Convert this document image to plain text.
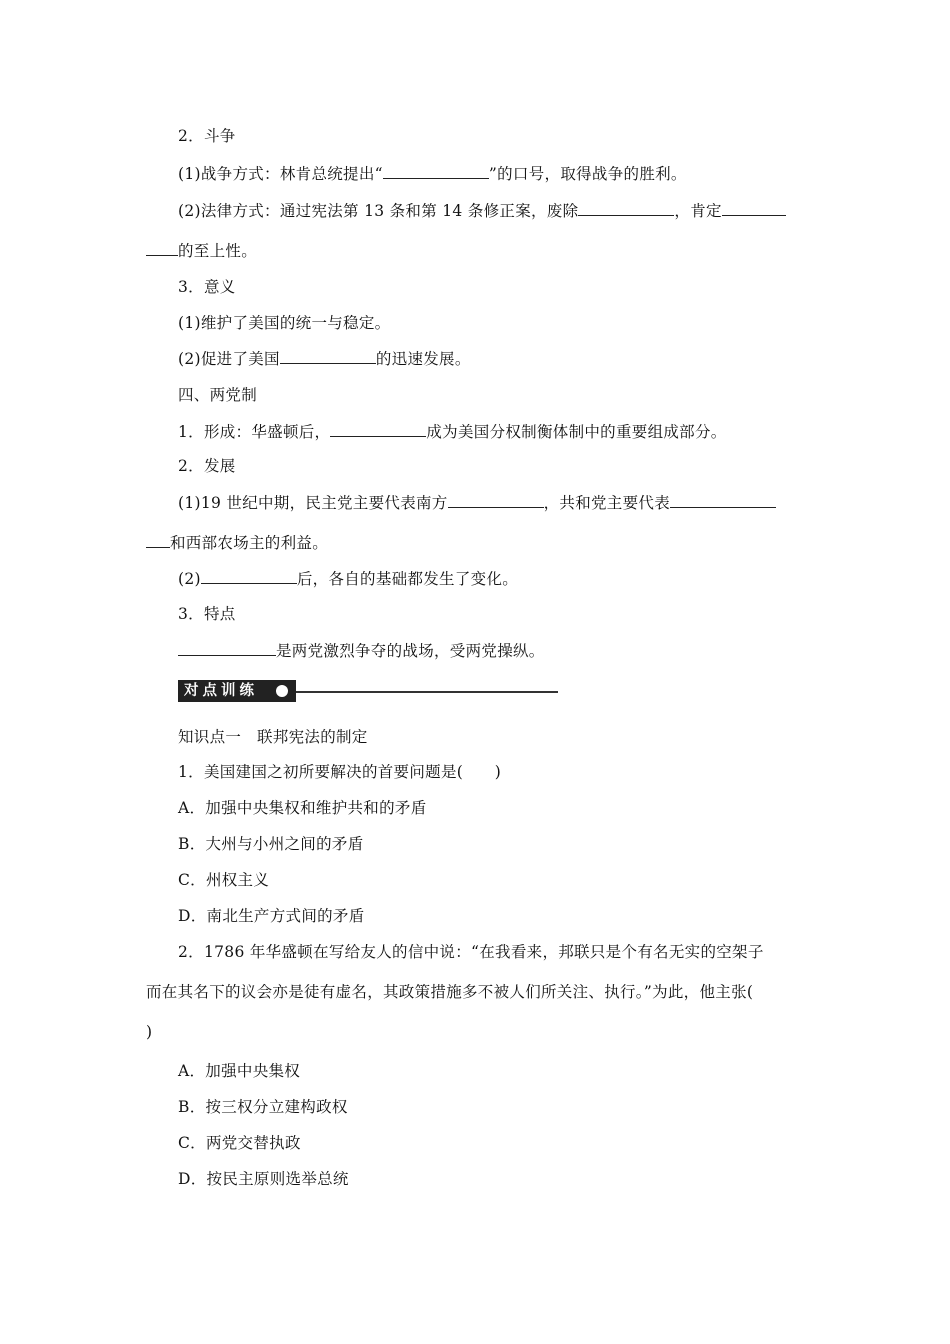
2．斗争
(1)战争方式：林肯总统提出“	”的口号，取得战争的胜利。
(2)法律方式：通过宪法第 13 条和第 14 条修正案，废除	，肯定
的至上性。
3．意义
(1)维护了美国的统一与稳定。
(2)促进了美国	的迅速发展。
四、两党制
1．形成：华盛顿后，	成为美国分权制衡体制中的重要组成部分。
2．发展
(1)19 世纪中期，民主党主要代表南方	，共和党主要代表
和西部农场主的利益。
(2)	后，各自的基础都发生了变化。
3．特点
是两党激烈争夺的战场，受两党操纵。
对点训练
知识点一　联邦宪法的制定
1．美国建国之初所要解决的首要问题是(　　)
A．加强中央集权和维护共和的矛盾
B．大州与小州之间的矛盾
C．州权主义
D．南北生产方式间的矛盾
2．1786 年华盛顿在写给友人的信中说：“在我看来，邦联只是个有名无实的空架子
而在其名下的议会亦是徒有虚名，其政策措施多不被人们所关注、执行。”为此，他主张(
)
A．加强中央集权
B．按三权分立建构政权
C．两党交替执政
D．按民主原则选举总统
